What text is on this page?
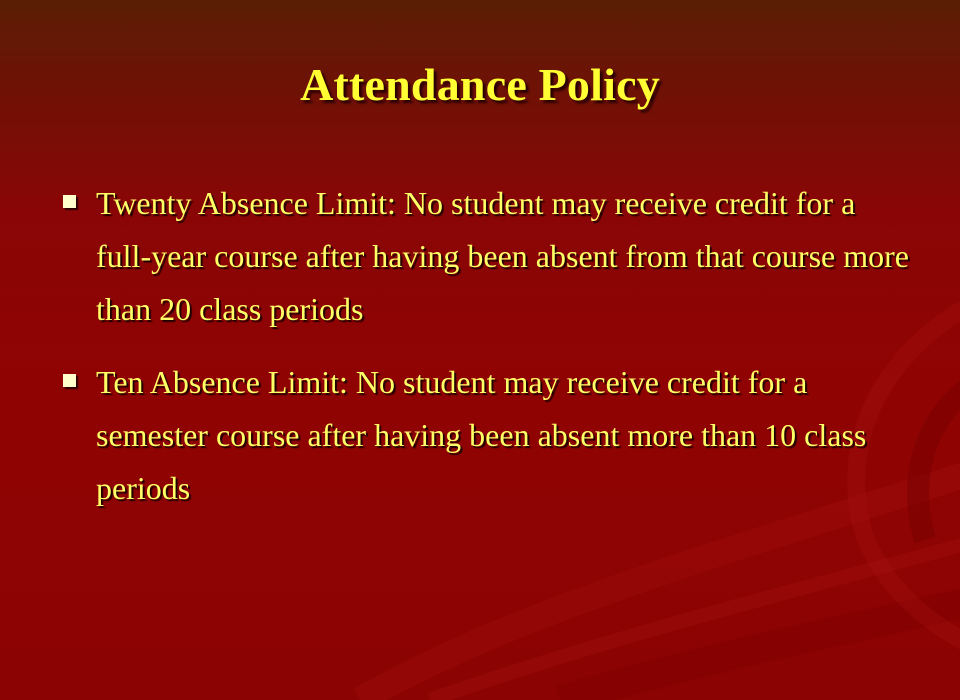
Attendance Policy
Twenty Absence Limit: No student may receive credit for a full-year course after having been absent from that course more than 20 class periods
Ten Absence Limit: No student may receive credit for a semester course after having been absent more than 10 class periods
